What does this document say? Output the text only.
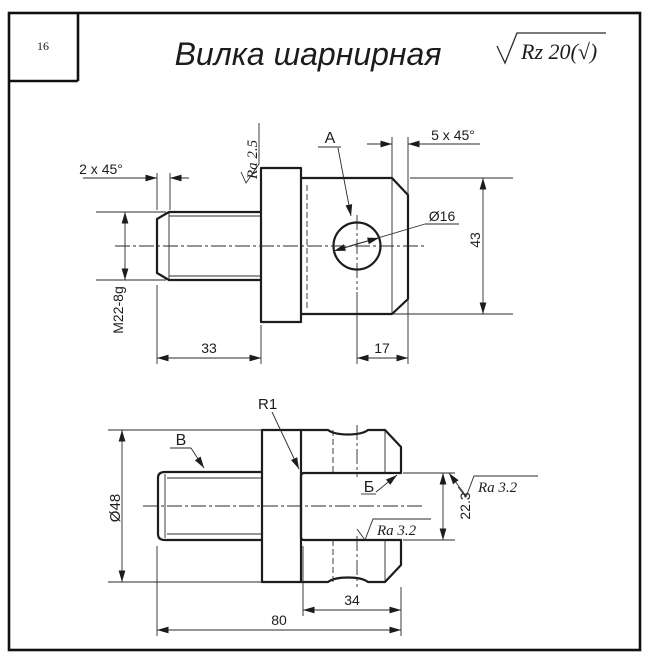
16	Вилка шарнирная	Rz 20(√)
M22-8g
33	17
43
2 x 45°
5 x 45°
Ø16
А
Ra 2.5
Ø48	22.3
34
80
R1
В
Б
Ra 3.2
Ra 3.2
